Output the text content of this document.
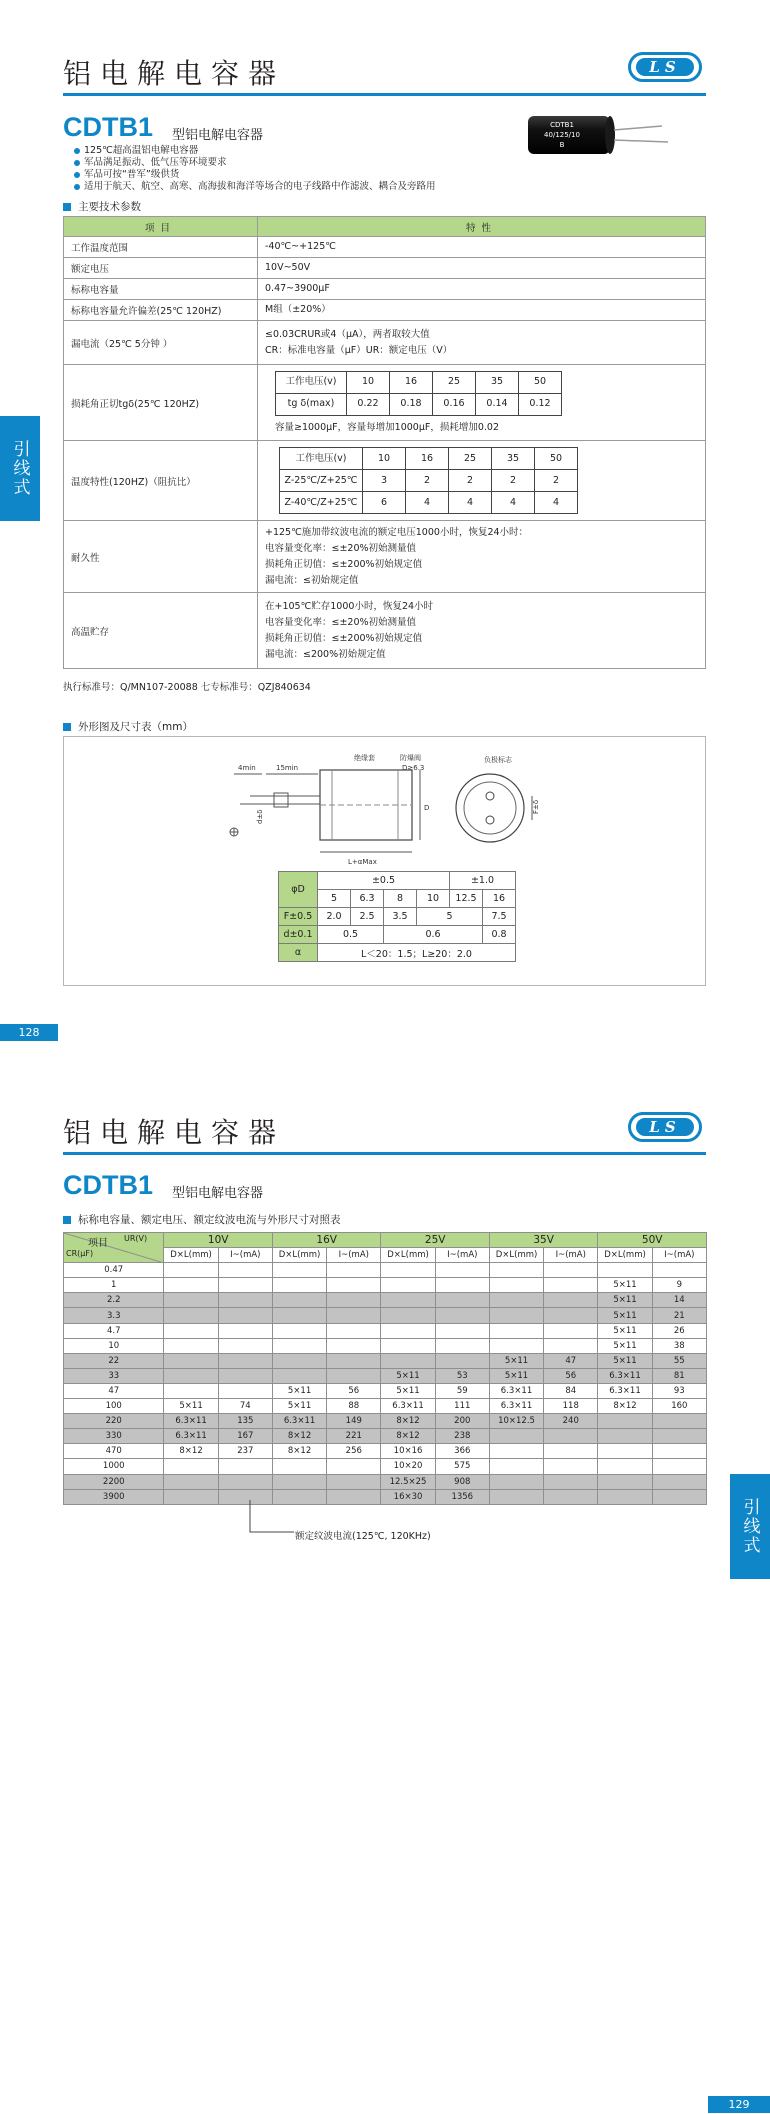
铝电解电容器	LS
CDTB1 型铝电解电容器
125℃超高温铝电解电容器
军品满足振动、低气压等环境要求
军品可按“普军”级供货
适用于航天、航空、高寒、高海拔和海洋等场合的电子线路中作滤波、耦合及旁路用
CDTB1
40/125/10
B
主要技术参数
项目	特性
工作温度范围	-40℃~+125℃
额定电压	10V~50V
标称电容量	0.47~3900μF
标称电容量允许偏差(25℃ 120HZ)	M组（±20%）
漏电流（25℃ 5分钟 ）	
≤0.03CRUR或4（μA），两者取较大值
CR：标准电容量（μF）UR：额定电压（V）

损耗角正切tgδ(25℃ 120HZ)	
工作电压(v)	10	16	25	35	50
tg δ(max)	0.22	0.18	0.16	0.14	0.12
容量≥1000μF，容量每增加1000μF，损耗增加0.02

温度特性(120HZ)（阻抗比）	
工作电压(v)	10	16	25	35	50
Z-25℃/Z+25℃	3	2	2	2	2
Z-40℃/Z+25℃	6	4	4	4	4

耐久性	
+125℃施加带纹波电流的额定电压1000小时，恢复24小时：
电容量变化率：≤±20%初始测量值
损耗角正切值：≤±200%初始规定值
漏电流：≤初始规定值

高温贮存	
在+105℃贮存1000小时，恢复24小时
电容量变化率：≤±20%初始测量值
损耗角正切值：≤±200%初始规定值
漏电流：≤200%初始规定值
执行标准号：Q/MN107-20088 七专标准号：QZJ840634
外形图及尺寸表（mm）
4min	15min
d±δ
绝缘套	防爆阀
D≥6.3
D
L+αMax
负极标志
F±δ
φD	±0.5				±1.0	
	5	6.3	8	10	12.5	16
F±0.5	2.0	2.5	3.5	5		7.5
d±0.1	0.5		0.6			0.8
α	L＜20：1.5；L≥20：2.0					
引线式
128
铝电解电容器	LS
CDTB1 型铝电解电容器
标称电容量、额定电压、额定纹波电流与外形尺寸对照表
项目 UR(V)
CR(μF)	10V		16V		25V		35V		50V	
	D×L(mm)	I~(mA)	D×L(mm)	I~(mA)	D×L(mm)	I~(mA)	D×L(mm)	I~(mA)	D×L(mm)	I~(mA)
0.47										
1									5×11	9
2.2									5×11	14
3.3									5×11	21
4.7									5×11	26
10									5×11	38
22							5×11	47	5×11	55
33					5×11	53	5×11	56	6.3×11	81
47			5×11	56	5×11	59	6.3×11	84	6.3×11	93
100	5×11	74	5×11	88	6.3×11	111	6.3×11	118	8×12	160
220	6.3×11	135	6.3×11	149	8×12	200	10×12.5	240		
330	6.3×11	167	8×12	221	8×12	238				
470	8×12	237	8×12	256	10×16	366				
1000					10×20	575				
2200					12.5×25	908				
3900					16×30	1356				
额定纹波电流(125℃, 120KHz)	引线式
129
